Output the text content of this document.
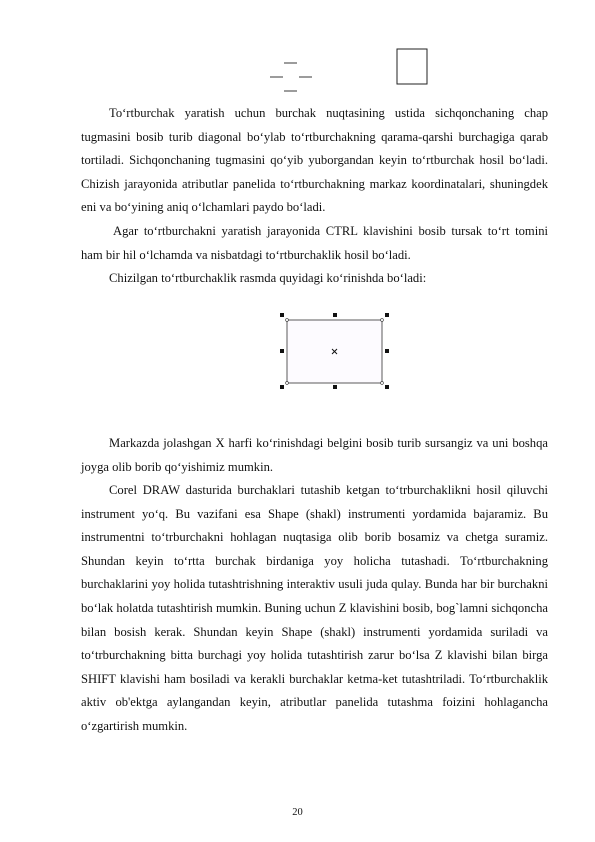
To‘rtburchak yaratish uchun burchak nuqtasining ustida sichqonchaning chap tugmasini bosib turib diagonal bo‘ylab to‘rtburchakning qarama-qarshi burchagiga qarab tortiladi. Sichqonchaning tugmasini qo‘yib yuborgandan keyin to‘rtburchak hosil bo‘ladi. Chizish jarayonida atributlar panelida to‘rtburchakning markaz koordinatalari, shuningdek eni va bo‘yining aniq o‘lchamlari paydo bo‘ladi.

Agar to‘rtburchakni yaratish jarayonida CTRL klavishini bosib tursak to‘rt tomini ham bir hil o‘lchamda va nisbatdagi to‘rtburchaklik hosil bo‘ladi.

Chizilgan to‘rtburchaklik rasmda quyidagi ko‘rinishda bo‘ladi:

Markazda jolashgan X harfi ko‘rinishdagi belgini bosib turib sursangiz va uni boshqa joyga olib borib qo‘yishimiz mumkin.

Corel DRAW dasturida burchaklari tutashib ketgan to‘trburchaklikni hosil qiluvchi instrument yo‘q. Bu vazifani esa Shape (shakl) instrumenti yordamida bajaramiz. Bu instrumentni to‘trburchakni hohlagan nuqtasiga olib borib bosamiz va chetga suramiz. Shundan keyin to‘rtta burchak birdaniga yoy holicha tutashadi. To‘rtburchakning burchaklarini yoy holida tutashtrishning interaktiv usuli juda qulay. Bunda har bir burchakni bo‘lak holatda tutashtirish mumkin. Buning uchun Z klavishini bosib, bog`lamni sichqoncha bilan bosish kerak. Shundan keyin Shape (shakl) instrumenti yordamida suriladi va to‘trburchakning bitta burchagi yoy holida tutashtirish zarur bo‘lsa Z klavishi bilan birga SHIFT klavishi ham bosiladi va kerakli burchaklar ketma-ket tutashtriladi. To‘rtburchaklik aktiv ob'ektga aylangandan keyin, atributlar panelida tutashma foizini hohlagancha o‘zgartirish mumkin.

20
